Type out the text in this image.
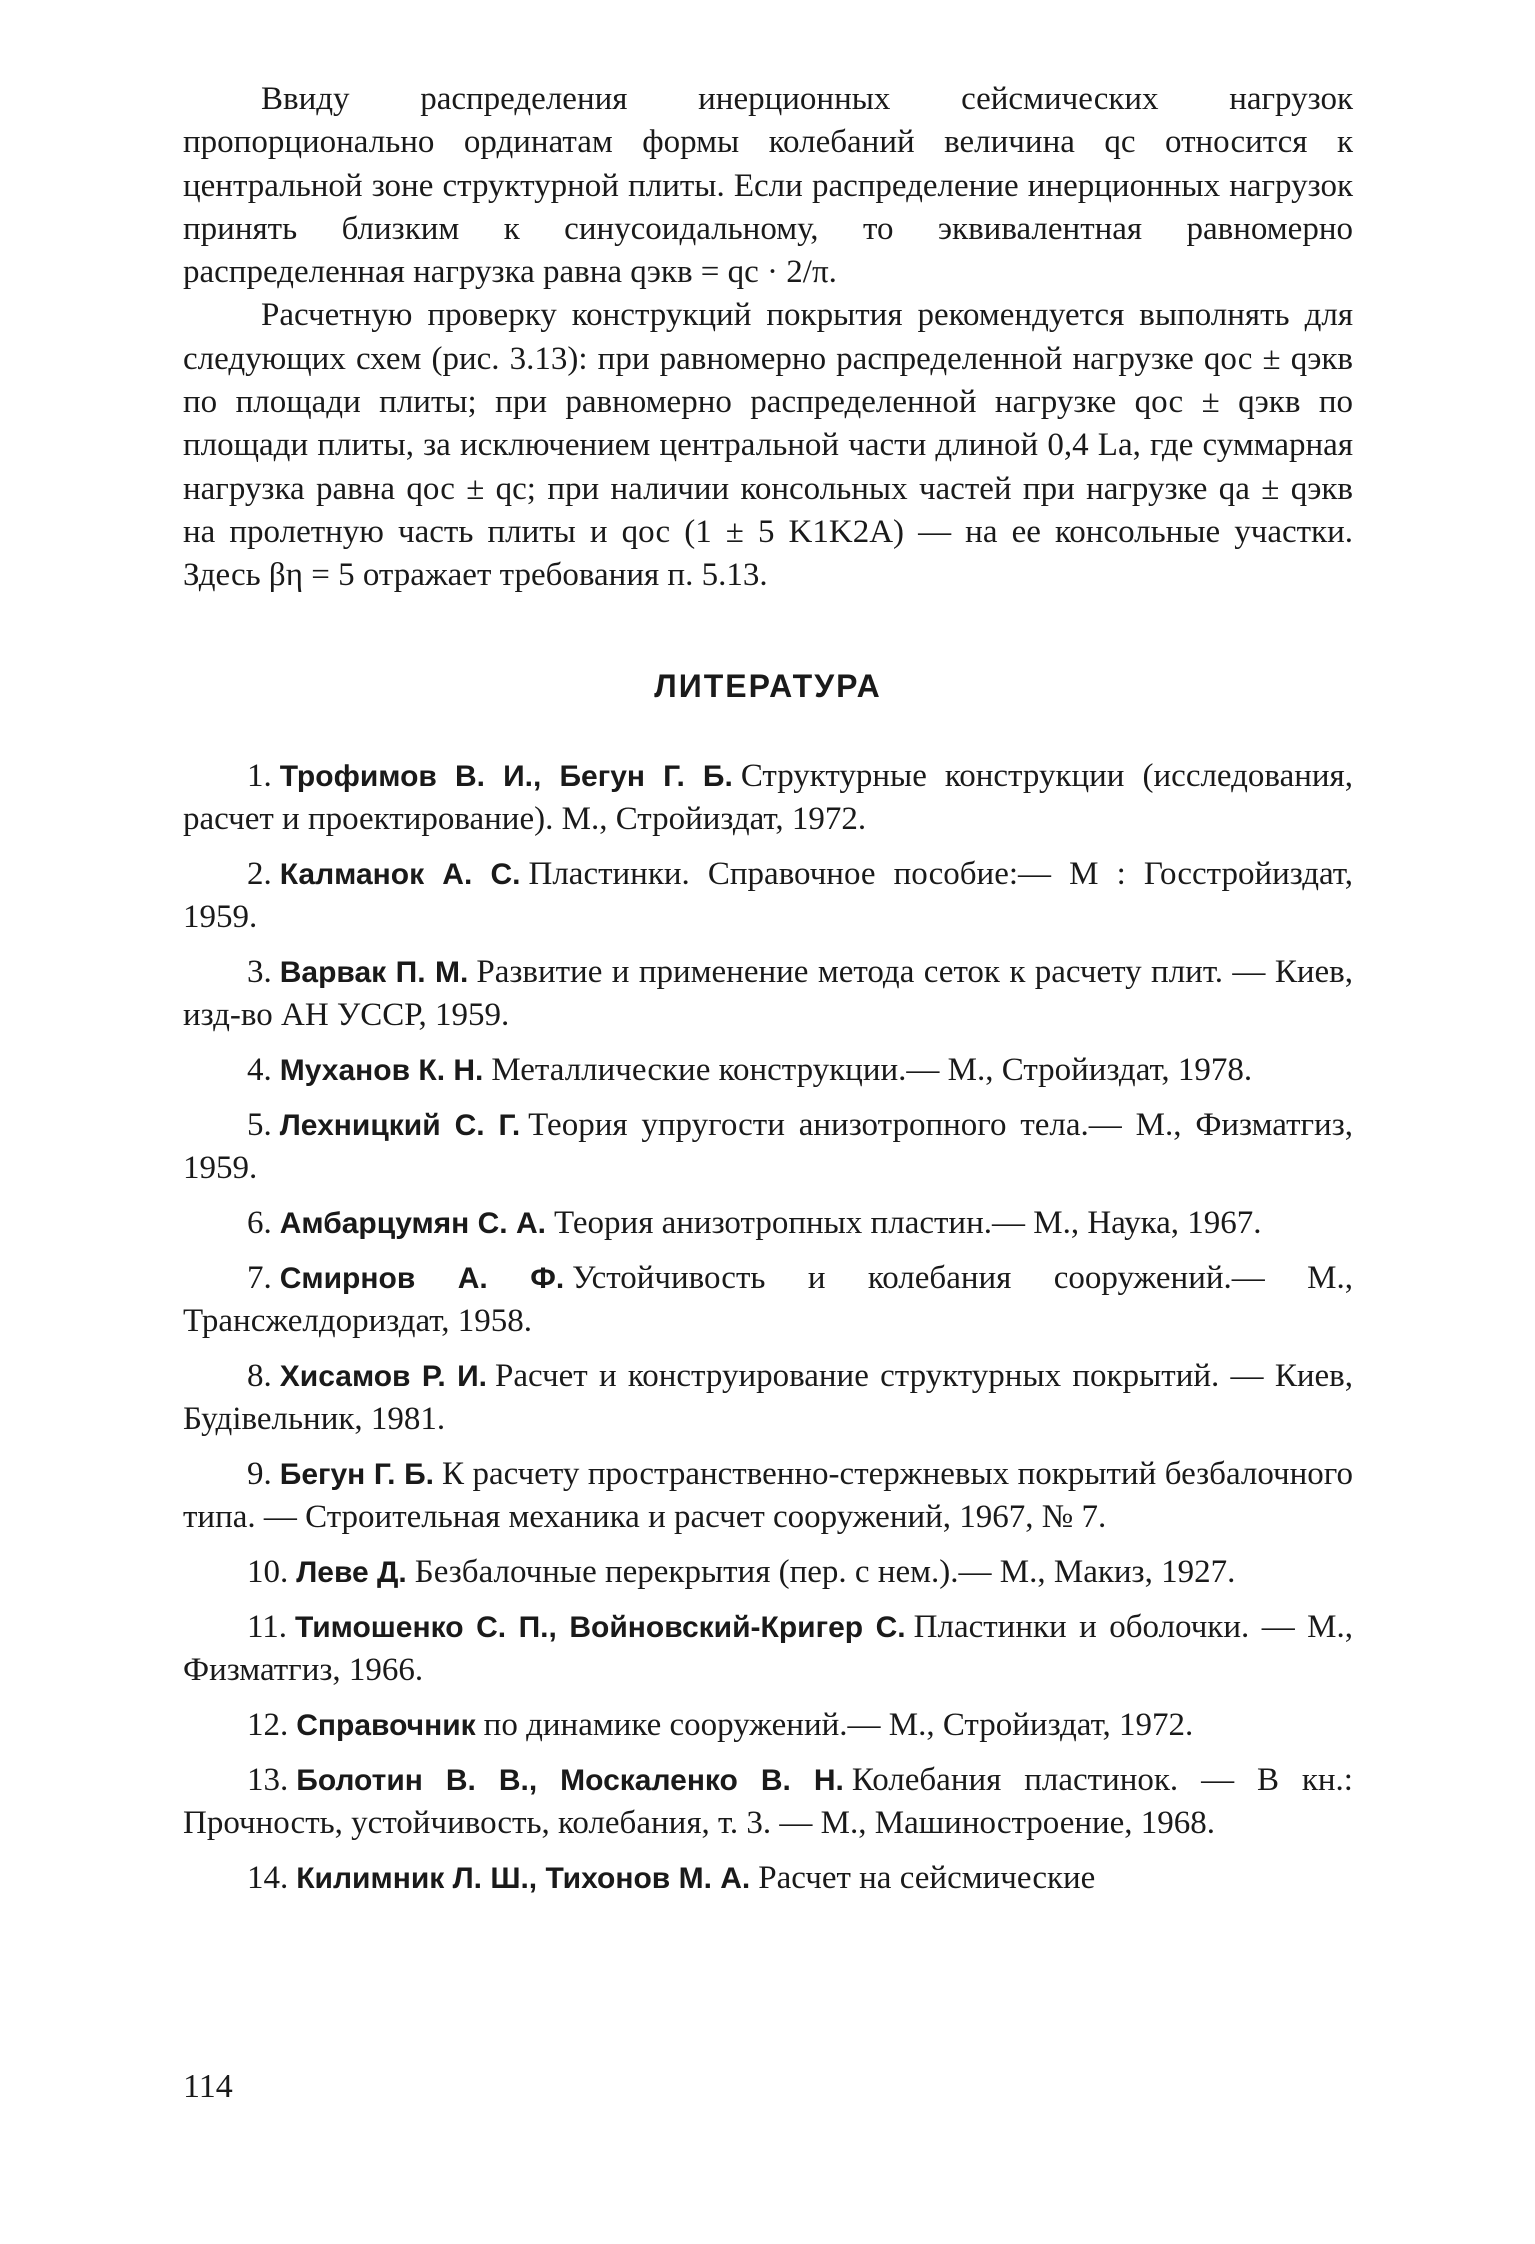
Ввиду распределения инерционных сейсмических нагрузок пропорционально ординатам формы колебаний величина qс относится к центральной зоне структурной плиты. Если распределение инерционных нагрузок принять близким к синусоидальному, то эквивалентная равномерно распределенная нагрузка равна qэкв = qс · 2/π.

Расчетную проверку конструкций покрытия рекомендуется выполнять для следующих схем (рис. 3.13): при равномерно распределенной нагрузке qос ± qэкв по площади плиты; при равномерно распределенной нагрузке qос ± qэкв по площади плиты, за исключением центральной части длиной 0,4 Lа, где суммарная нагрузка равна qос ± qс; при наличии консольных частей при нагрузке qа ± qэкв на пролетную часть плиты и qос (1 ± 5 K1K2A) — на ее консольные участки. Здесь βη = 5 отражает требования п. 5.13.

ЛИТЕРАТУРА
1. Трофимов В. И., Бегун Г. Б. Структурные конструкции (исследования, расчет и проектирование). М., Стройиздат, 1972.
2. Калманок А. С. Пластинки. Справочное пособие:— М : Госстройиздат, 1959.
3. Варвак П. М. Развитие и применение метода сеток к расчету плит. — Киев, изд-во АН УССР, 1959.
4. Муханов К. Н. Металлические конструкции.— М., Стройиздат, 1978.
5. Лехницкий С. Г. Теория упругости анизотропного тела.— М., Физматгиз, 1959.
6. Амбарцумян С. А. Теория анизотропных пластин.— М., Наука, 1967.
7. Смирнов А. Ф. Устойчивость и колебания сооружений.— М., Трансжелдориздат, 1958.
8. Хисамов Р. И. Расчет и конструирование структурных покрытий. — Киев, Будівельник, 1981.
9. Бегун Г. Б. К расчету пространственно-стержневых покрытий безбалочного типа. — Строительная механика и расчет сооружений, 1967, № 7.
10. Леве Д. Безбалочные перекрытия (пер. с нем.).— М., Макиз, 1927.
11. Тимошенко С. П., Войновский-Кригер С. Пластинки и оболочки. — М., Физматгиз, 1966.
12. Справочник по динамике сооружений.— М., Стройиздат, 1972.
13. Болотин В. В., Москаленко В. Н. Колебания пластинок. — В кн.: Прочность, устойчивость, колебания, т. 3. — М., Машиностроение, 1968.
14. Килимник Л. Ш., Тихонов М. А. Расчет на сейсмические
114
